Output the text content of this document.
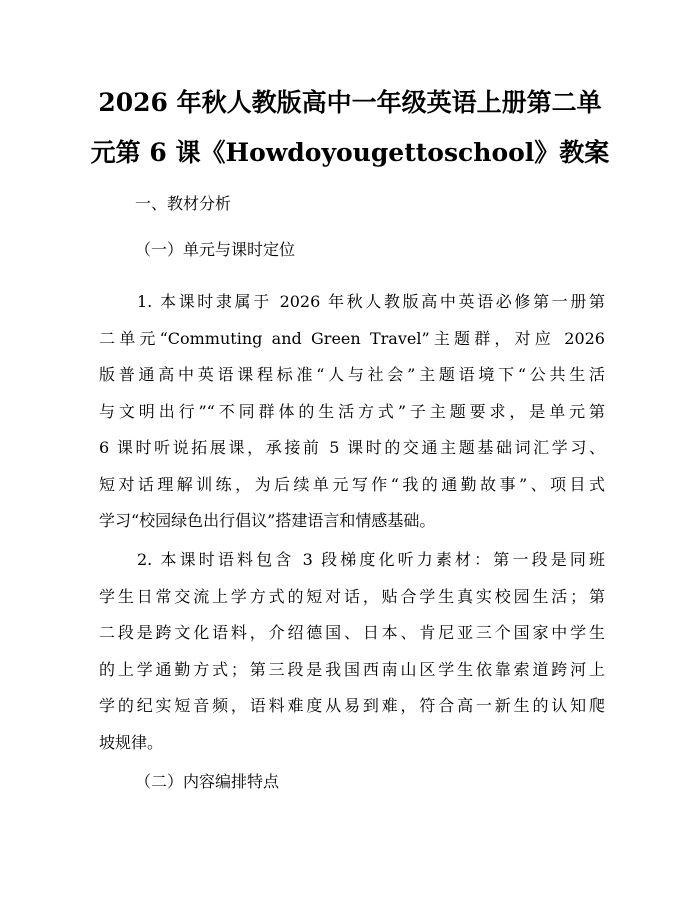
2026 年秋人教版高中一年级英语上册第二单
元第 6 课《Howdoyougettoschool》教案
一、教材分析
（一）单元与课时定位
1. 本课时隶属于 2026 年秋人教版高中英语必修第一册第
二单元“Commuting and Green Travel”主题群，对应 2026
版普通高中英语课程标准“人与社会”主题语境下“公共生活
与文明出行”“不同群体的生活方式”子主题要求，是单元第
6 课时听说拓展课，承接前 5 课时的交通主题基础词汇学习、
短对话理解训练，为后续单元写作“我的通勤故事”、项目式
学习“校园绿色出行倡议”搭建语言和情感基础。
2. 本课时语料包含 3 段梯度化听力素材：第一段是同班
学生日常交流上学方式的短对话，贴合学生真实校园生活；第
二段是跨文化语料，介绍德国、日本、肯尼亚三个国家中学生
的上学通勤方式；第三段是我国西南山区学生依靠索道跨河上
学的纪实短音频，语料难度从易到难，符合高一新生的认知爬
坡规律。
（二）内容编排特点
